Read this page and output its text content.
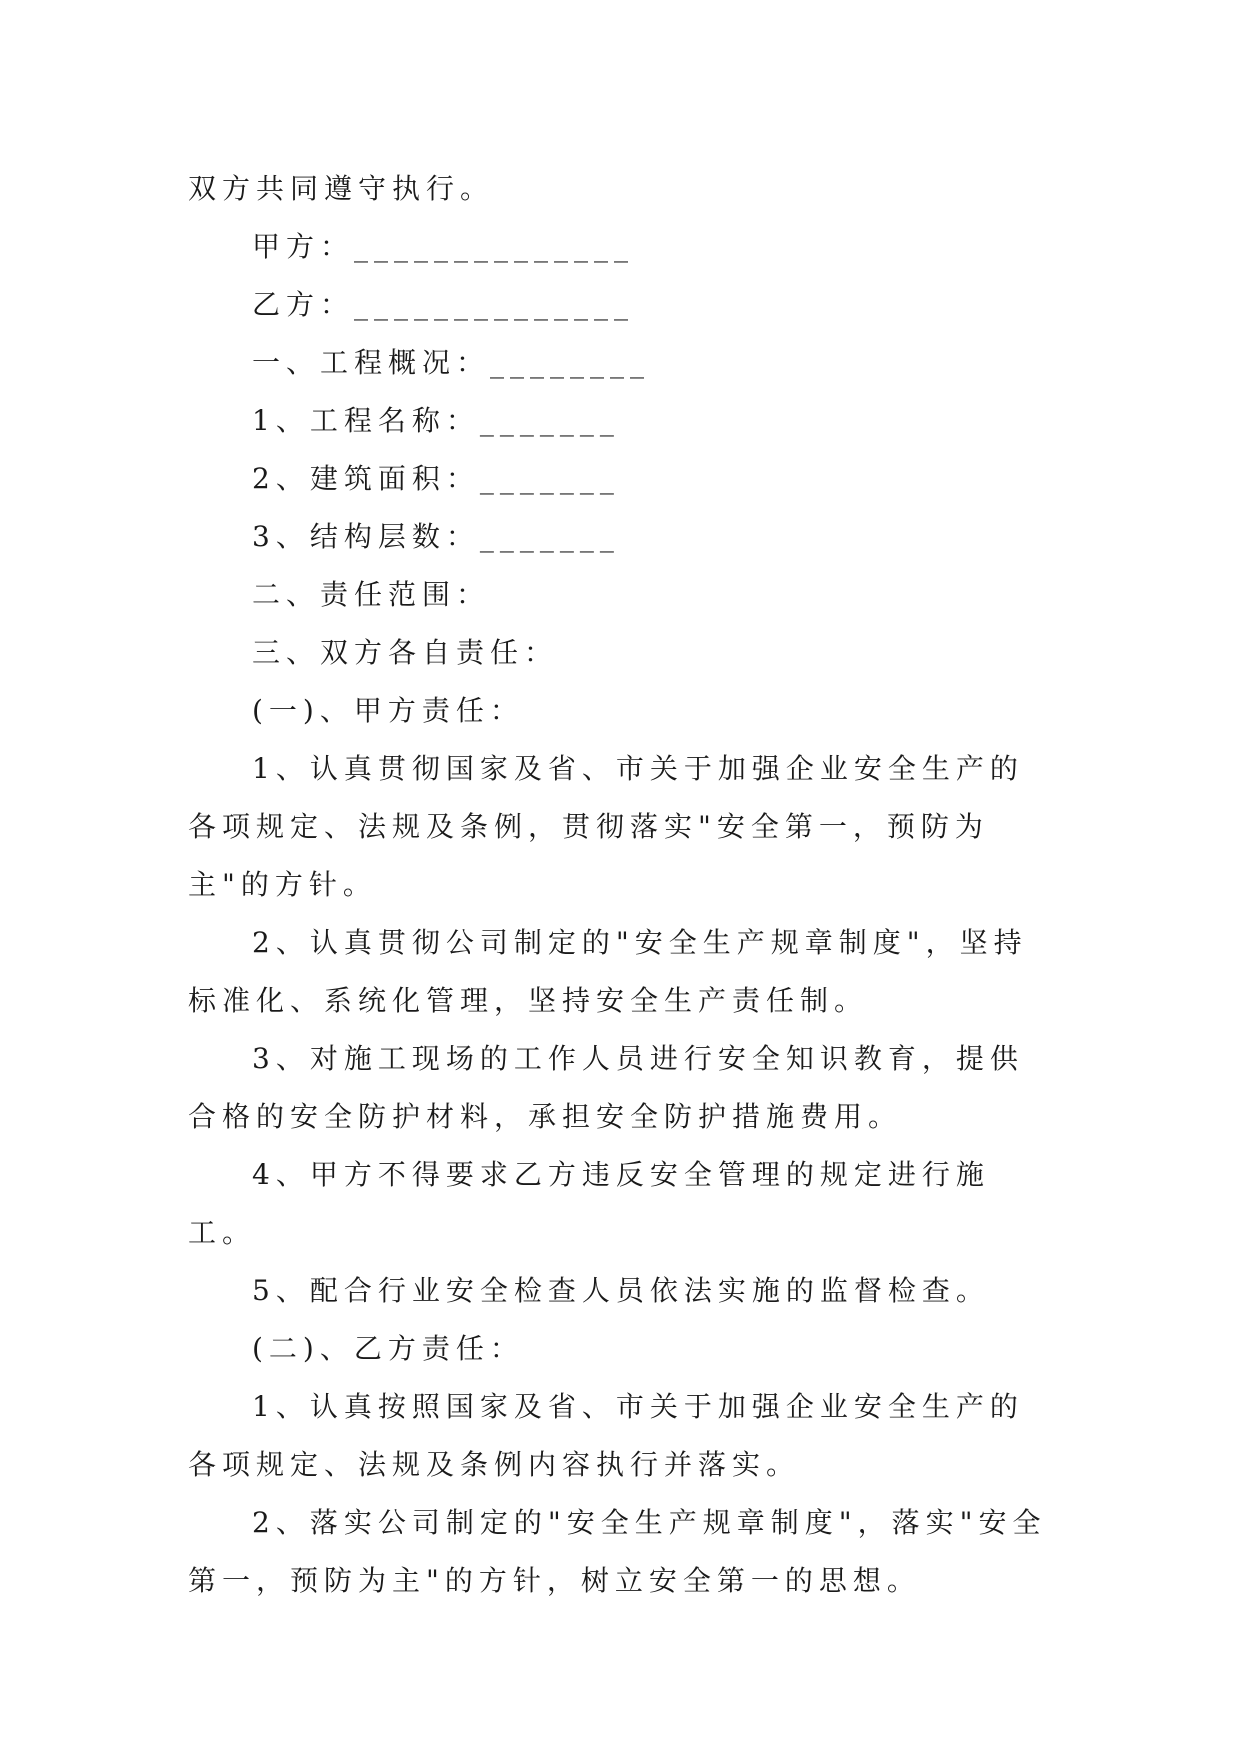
双方共同遵守执行。

甲方：______________

乙方：______________

一、工程概况：________

1、工程名称：_______

2、建筑面积：_______

3、结构层数：_______

二、责任范围：

三、双方各自责任：

(一)、甲方责任：

1、认真贯彻国家及省、市关于加强企业安全生产的各项规定、法规及条例，贯彻落实"安全第一，预防为主"的方针。

2、认真贯彻公司制定的"安全生产规章制度"，坚持标准化、系统化管理，坚持安全生产责任制。

3、对施工现场的工作人员进行安全知识教育，提供合格的安全防护材料，承担安全防护措施费用。

4、甲方不得要求乙方违反安全管理的规定进行施工。

5、配合行业安全检查人员依法实施的监督检查。

(二)、乙方责任：

1、认真按照国家及省、市关于加强企业安全生产的各项规定、法规及条例内容执行并落实。

2、落实公司制定的"安全生产规章制度"，落实"安全第一，预防为主"的方针，树立安全第一的思想。
